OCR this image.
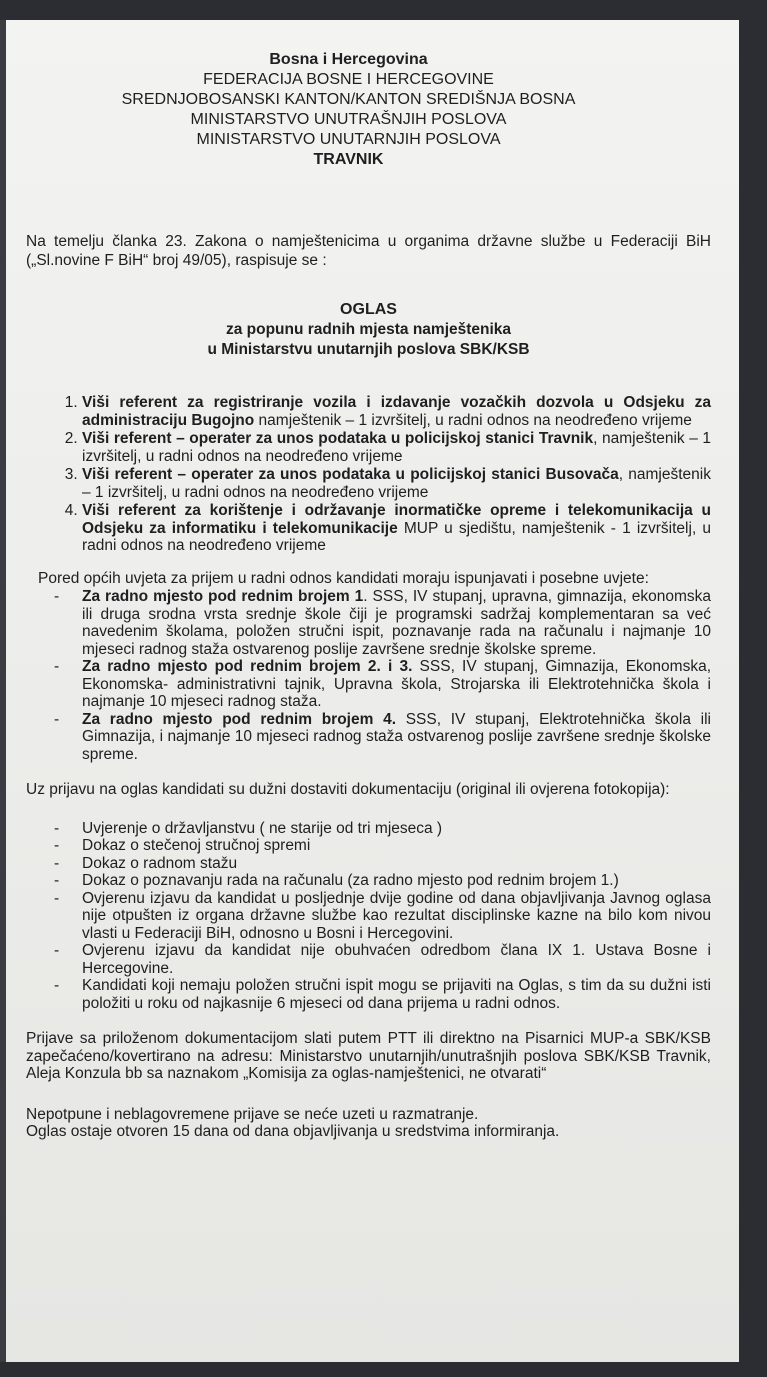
Bosna i Hercegovina
FEDERACIJA BOSNE I HERCEGOVINE
SREDNJOBOSANSKI KANTON/KANTON SREDIŠNJA BOSNA
MINISTARSTVO UNUTRAŠNJIH POSLOVA
MINISTARSTVO UNUTARNJIH POSLOVA
TRAVNIK

Na temelju članka 23. Zakona o namještenicima u organima državne službe u Federaciji BiH („Sl.novine F BiH“ broj 49/05), raspisuje se :

OGLAS
za popunu radnih mjesta namještenika
u Ministarstvu unutarnjih poslova SBK/KSB
1. Viši referent za registriranje vozila i izdavanje vozačkih dozvola u Odsjeku za administraciju Bugojno namještenik – 1 izvršitelj, u radni odnos na neodređeno vrijeme
2. Viši referent – operater za unos podataka u policijskoj stanici Travnik, namještenik – 1 izvršitelj, u radni odnos na neodređeno vrijeme
3. Viši referent – operater za unos podataka u policijskoj stanici Busovača, namještenik – 1 izvršitelj, u radni odnos na neodređeno vrijeme
4. Viši referent za korištenje i održavanje inormatičke opreme i telekomunikacija u Odsjeku za informatiku i telekomunikacije MUP u sjedištu, namještenik - 1 izvršitelj, u radni odnos na neodređeno vrijeme

Pored općih uvjeta za prijem u radni odnos kandidati moraju ispunjavati i posebne uvjete:

- Za radno mjesto pod rednim brojem 1. SSS, IV stupanj, upravna, gimnazija, ekonomska ili druga srodna vrsta srednje škole čiji je programski sadržaj komplementaran sa već navedenim školama, položen stručni ispit, poznavanje rada na računalu i najmanje 10 mjeseci radnog staža ostvarenog poslije završene srednje školske spreme.
- Za radno mjesto pod rednim brojem 2. i 3. SSS, IV stupanj, Gimnazija, Ekonomska, Ekonomska- administrativni tajnik, Upravna škola, Strojarska ili Elektrotehnička škola i najmanje 10 mjeseci radnog staža.
- Za radno mjesto pod rednim brojem 4. SSS, IV stupanj, Elektrotehnička škola ili Gimnazija, i najmanje 10 mjeseci radnog staža ostvarenog poslije završene srednje školske spreme.

Uz prijavu na oglas kandidati su dužni dostaviti dokumentaciju (original ili ovjerena fotokopija):

- Uvjerenje o državljanstvu ( ne starije od tri mjeseca )
- Dokaz o stečenoj stručnoj spremi
- Dokaz o radnom stažu
- Dokaz o poznavanju rada na računalu (za radno mjesto pod rednim brojem 1.)
- Ovjerenu izjavu da kandidat u posljednje dvije godine od dana objavljivanja Javnog oglasa nije otpušten iz organa državne službe kao rezultat disciplinske kazne na bilo kom nivou vlasti u Federaciji BiH, odnosno u Bosni i Hercegovini.
- Ovjerenu izjavu da kandidat nije obuhvaćen odredbom člana IX 1. Ustava Bosne i Hercegovine.
- Kandidati koji nemaju položen stručni ispit mogu se prijaviti na Oglas, s tim da su dužni isti položiti u roku od najkasnije 6 mjeseci od dana prijema u radni odnos.

Prijave sa priloženom dokumentacijom slati putem PTT ili direktno na Pisarnici MUP-a SBK/KSB zapečaćeno/kovertirano na adresu: Ministarstvo unutarnjih/unutrašnjih poslova SBK/KSB Travnik, Aleja Konzula bb sa naznakom „Komisija za oglas-namještenici, ne otvarati“

Nepotpune i neblagovremene prijave se neće uzeti u razmatranje.
Oglas ostaje otvoren 15 dana od dana objavljivanja u sredstvima informiranja.
